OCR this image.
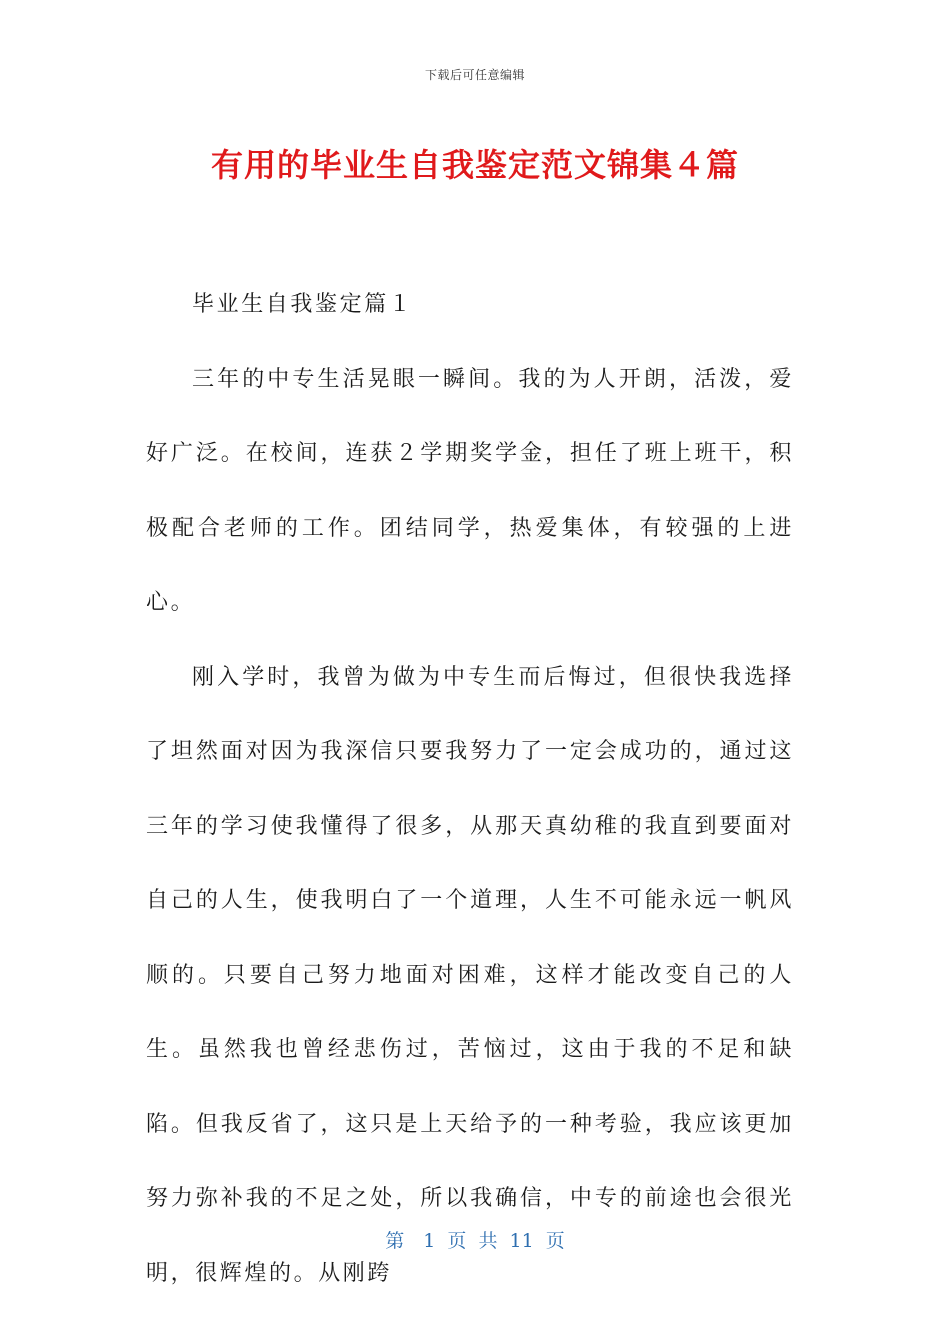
下载后可任意编辑
有用的毕业生自我鉴定范文锦集４篇

毕业生自我鉴定篇１

三年的中专生活晃眼一瞬间。我的为人开朗，活泼，爱好广泛。在校间，连获２学期奖学金，担任了班上班干，积极配合老师的工作。团结同学，热爱集体，有较强的上进心。

刚入学时，我曾为做为中专生而后悔过，但很快我选择了坦然面对因为我深信只要我努力了一定会成功的，通过这三年的学习使我懂得了很多，从那天真幼稚的我直到要面对自己的人生，使我明白了一个道理，人生不可能永远一帆风顺的。只要自己努力地面对困难，这样才能改变自己的人生。虽然我也曾经悲伤过，苦恼过，这由于我的不足和缺陷。但我反省了，这只是上天给予的一种考验，我应该更加努力弥补我的不足之处，所以我确信，中专的前途也会很光明，很辉煌的。从刚跨

第　1 页 共 11 页
